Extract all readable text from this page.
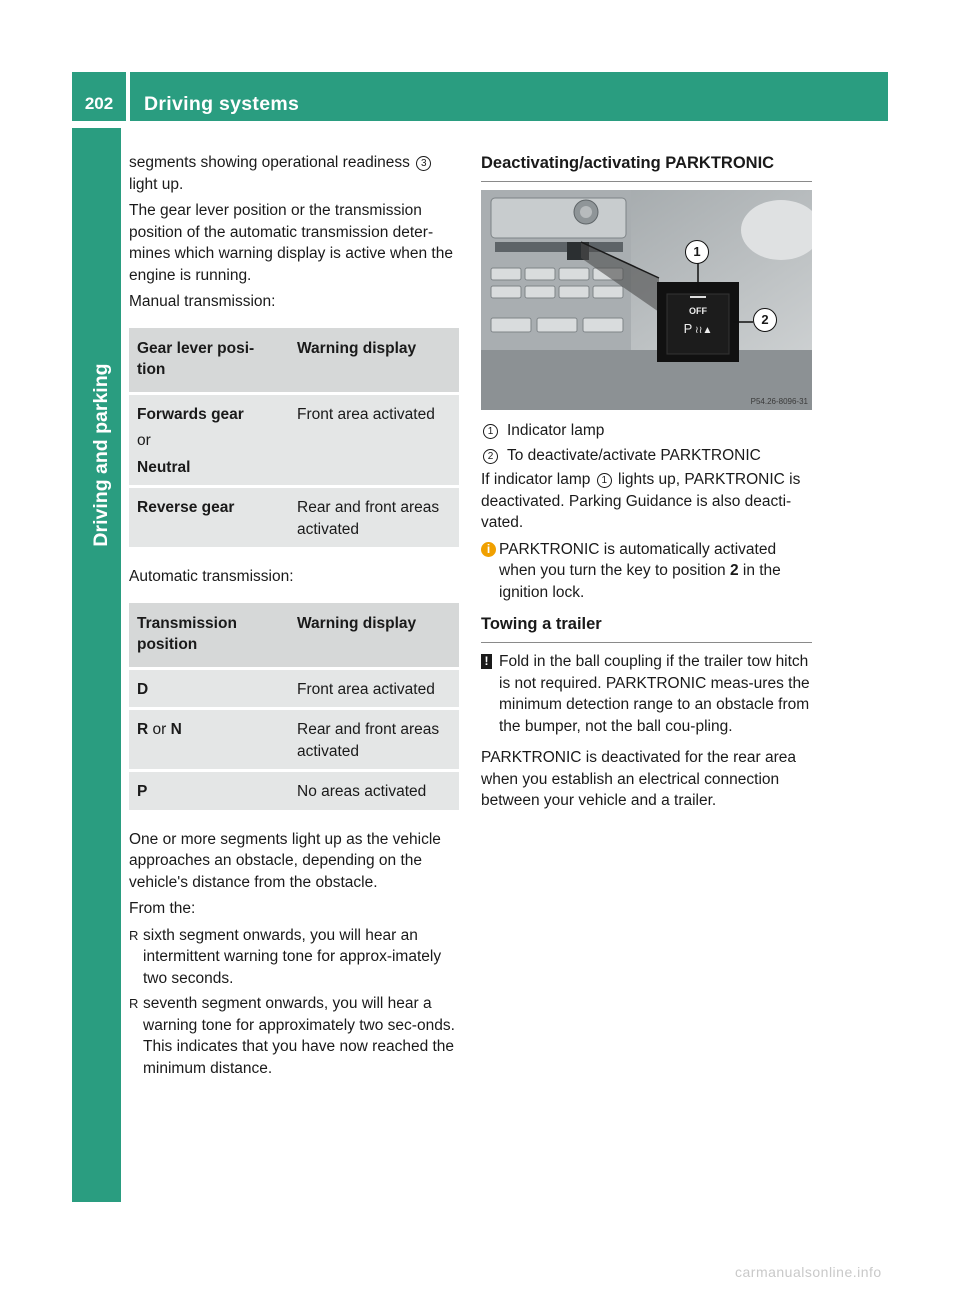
202	Driving systems
Driving and parking

segments showing operational readiness 3
light up.

The gear lever position or the transmission position of the automatic transmission deter-mines which warning display is active when the engine is running.

Manual transmission:

Gear lever posi-tion	Warning display

Forwards gear
or
Neutral	Front area activated
Reverse gear	Rear and front areas activated

Automatic transmission:

Transmission position	Warning display
D	Front area activated
R or N	Rear and front areas activated
P	No areas activated

One or more segments light up as the vehicle approaches an obstacle, depending on the vehicle's distance from the obstacle.

From the:

R sixth segment onwards, you will hear an intermittent warning tone for approx-imately two seconds.
R seventh segment onwards, you will hear a warning tone for approximately two sec-onds. This indicates that you have now reached the minimum distance.
Deactivating/activating PARKTRONIC
1
2
OFF
P ≀≀▲
P54.26-8096-31
1 Indicator lamp
2 To deactivate/activate PARKTRONIC

If indicator lamp 1 lights up, PARKTRONIC is deactivated. Parking Guidance is also deacti-vated.

i PARKTRONIC is automatically activated when you turn the key to position 2 in the ignition lock.
Towing a trailer
! Fold in the ball coupling if the trailer tow hitch is not required. PARKTRONIC meas-ures the minimum detection range to an obstacle from the bumper, not the ball cou-pling.

PARKTRONIC is deactivated for the rear area when you establish an electrical connection between your vehicle and a trailer.

carmanualsonline.info
